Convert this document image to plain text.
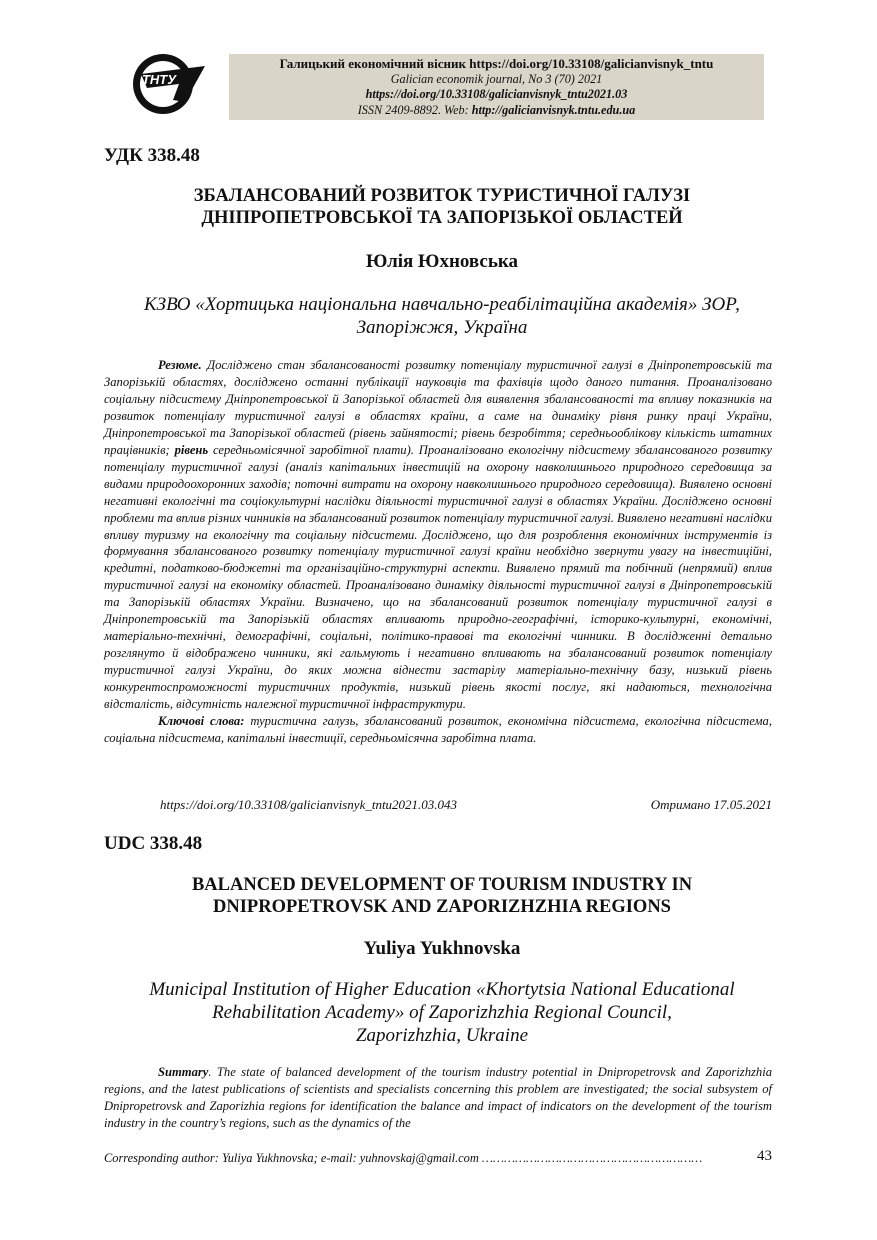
ТНТУ
Галицький економічний вісник https://doi.org/10.33108/galicianvisnyk_tntu
Galician economik journal, No 3 (70) 2021
https://doi.org/10.33108/galicianvisnyk_tntu2021.03
ISSN 2409-8892. Web: http://galicianvisnyk.tntu.edu.ua
УДК 338.48
ЗБАЛАНСОВАНИЙ РОЗВИТОК ТУРИСТИЧНОЇ ГАЛУЗІ
ДНІПРОПЕТРОВСЬКОЇ ТА ЗАПОРІЗЬКОЇ ОБЛАСТЕЙ
Юлія Юхновська
КЗВО «Хортицька національна навчально-реабілітаційна академія» ЗОР,
Запоріжжя, Україна
Резюме. Досліджено стан збалансованості розвитку потенціалу туристичної галузі в Дніпропетровській та Запорізькій областях, досліджено останні публікації науковців та фахівців щодо даного питання. Проаналізовано соціальну підсистему Дніпропетровської й Запорізької областей для виявлення збалансованості та впливу показників на розвиток потенціалу туристичної галузі в областях країни, а саме на динаміку рівня ринку праці України, Дніпропетровської та Запорізької областей (рівень зайнятості; рівень безробіття; середньооблікову кількість штатних працівників; рівень середньомісячної заробітної плати). Проаналізовано екологічну підсистему збалансованого розвитку потенціалу туристичної галузі (аналіз капітальних інвестицій на охорону навколишнього природного середовища за видами природоохоронних заходів; поточні витрати на охорону навколишнього природного середовища). Виявлено основні негативні екологічні та соціокультурні наслідки діяльності туристичної галузі в областях України. Досліджено основні проблеми та вплив різних чинників на збалансований розвиток потенціалу туристичної галузі. Виявлено негативні наслідки впливу туризму на екологічну та соціальну підсистеми. Досліджено, що для розроблення економічних інструментів із формування збалансованого розвитку потенціалу туристичної галузі країни необхідно звернути увагу на інвестиційні, кредитні, податково-бюджетні та організаційно-структурні аспекти. Виявлено прямий та побічний (непрямий) вплив туристичної галузі на економіку областей. Проаналізовано динаміку діяльності туристичної галузі в Дніпропетровській та Запорізькій областях України. Визначено, що на збалансований розвиток потенціалу туристичної галузі в Дніпропетровській та Запорізькій областях впливають природно-географічні, історико-культурні, економічні, матеріально-технічні, демографічні, соціальні, політико-правові та екологічні чинники. В дослідженні детально розглянуто й відображено чинники, які гальмують і негативно впливають на збалансований розвиток потенціалу туристичної галузі України, до яких можна віднести застарілу матеріально-технічну базу, низький рівень конкурентоспроможності туристичних продуктів, низький рівень якості послуг, які надаються, технологічна відсталість, відсутність належної туристичної інфраструктури.
Ключові слова: туристична галузь, збалансований розвиток, економічна підсистема, екологічна підсистема, соціальна підсистема, капітальні інвестиції, середньомісячна заробітна плата.
https://doi.org/10.33108/galicianvisnyk_tntu2021.03.043	Отримано 17.05.2021
UDC 338.48
BALANCED DEVELOPMENT OF TOURISM INDUSTRY IN
DNIPROPETROVSK AND ZAPORIZHZHIA REGIONS
Yuliya Yukhnovska
Municipal Institution of Higher Education «Khortytsia National Educational
Rehabilitation Academy» of Zaporizhzhia Regional Council,
Zaporizhzhia, Ukraine
Summary. The state of balanced development of the tourism industry potential in Dnipropetrovsk and Zaporizhzhia regions, and the latest publications of scientists and specialists concerning this problem are investigated; the social subsystem of Dnipropetrovsk and Zaporizhia regions for identification the balance and impact of indicators on the development of the tourism industry in the country’s regions, such as the dynamics of the
Corresponding author: Yuliya Yukhnovska; e-mail: yuhnovskaj@gmail.com ……………………………………………………	43
